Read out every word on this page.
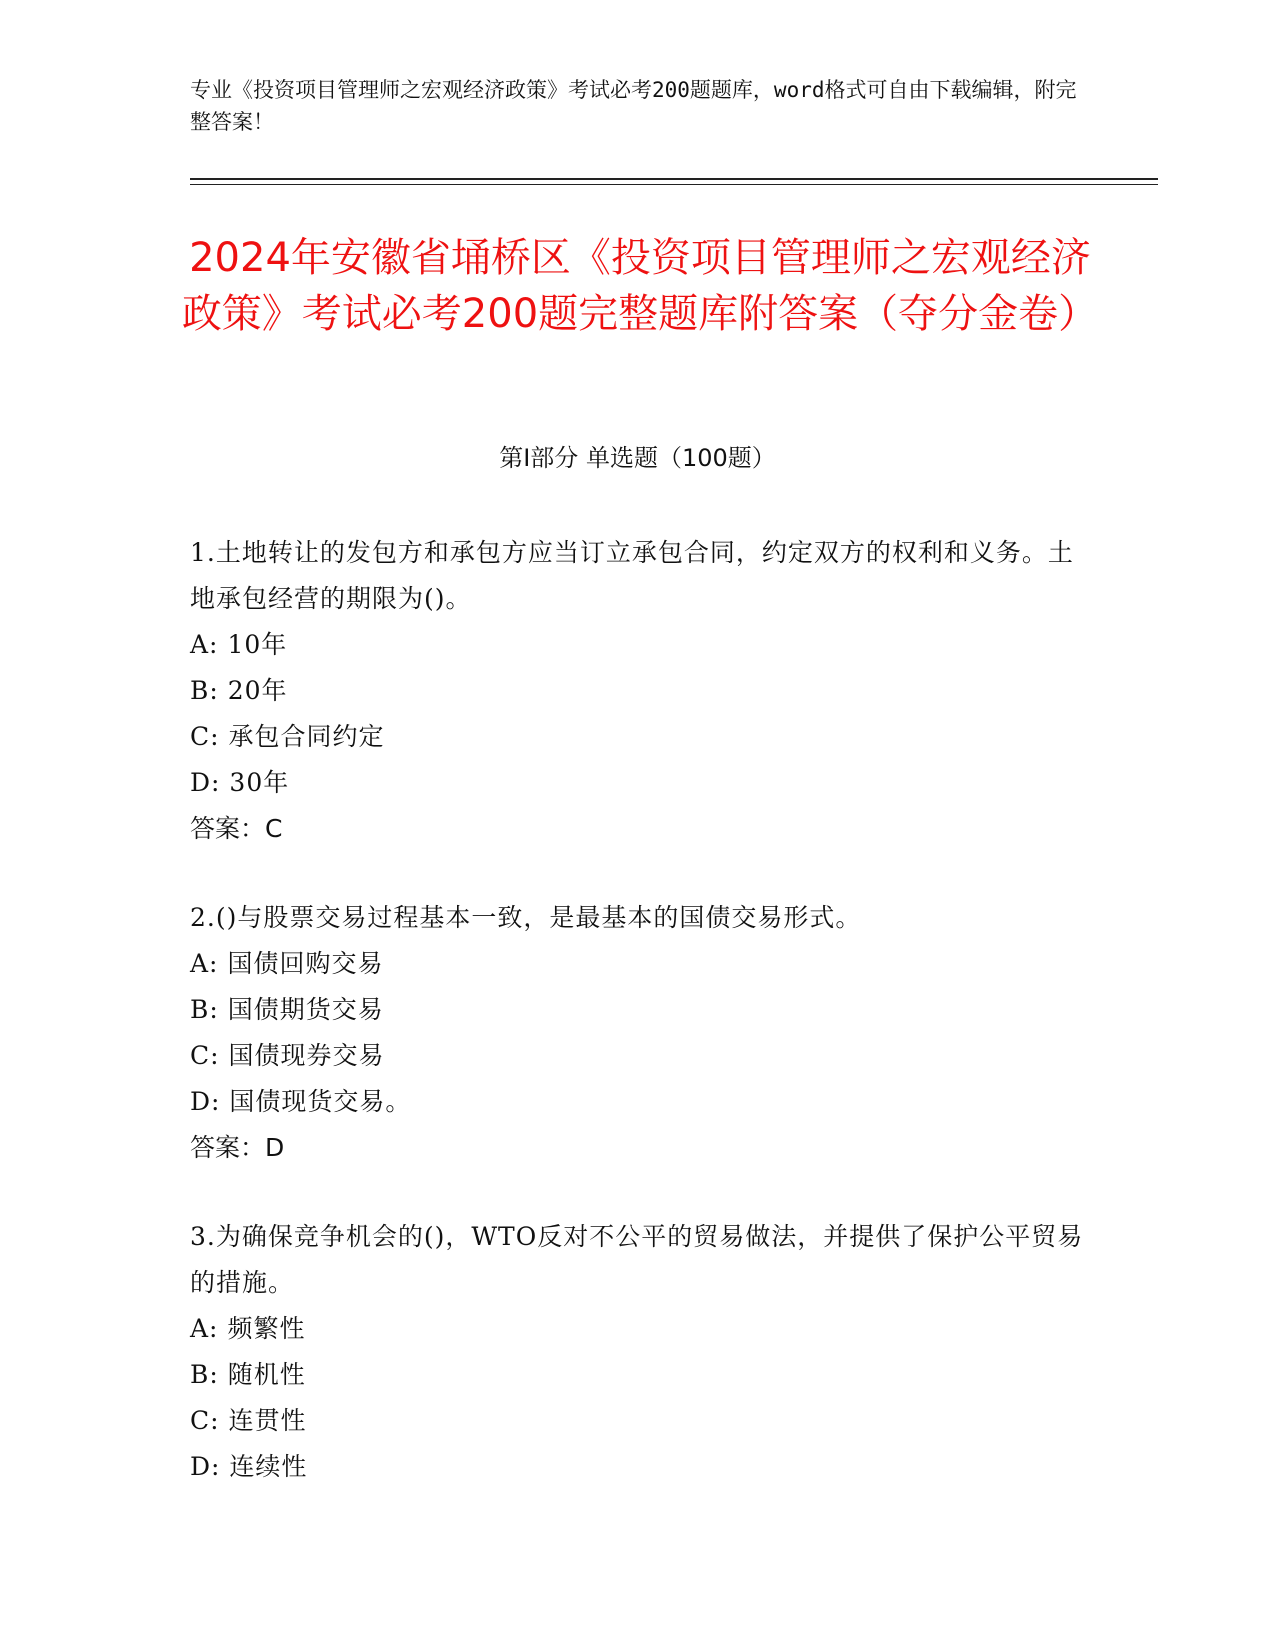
专业《投资项目管理师之宏观经济政策》考试必考200题题库，word格式可自由下载编辑，附完整答案！
2024年安徽省埇桥区《投资项目管理师之宏观经济政策》考试必考200题完整题库附答案（夺分金卷）
第Ⅰ部分 单选题（100题）
1.土地转让的发包方和承包方应当订立承包合同，约定双方的权利和义务。土地承包经营的期限为()。
A: 10年
B: 20年
C: 承包合同约定
D: 30年
答案：C
2.()与股票交易过程基本一致，是最基本的国债交易形式。
A: 国债回购交易
B: 国债期货交易
C: 国债现券交易
D: 国债现货交易。
答案：D
3.为确保竞争机会的()，WTO反对不公平的贸易做法，并提供了保护公平贸易的措施。
A: 频繁性
B: 随机性
C: 连贯性
D: 连续性
